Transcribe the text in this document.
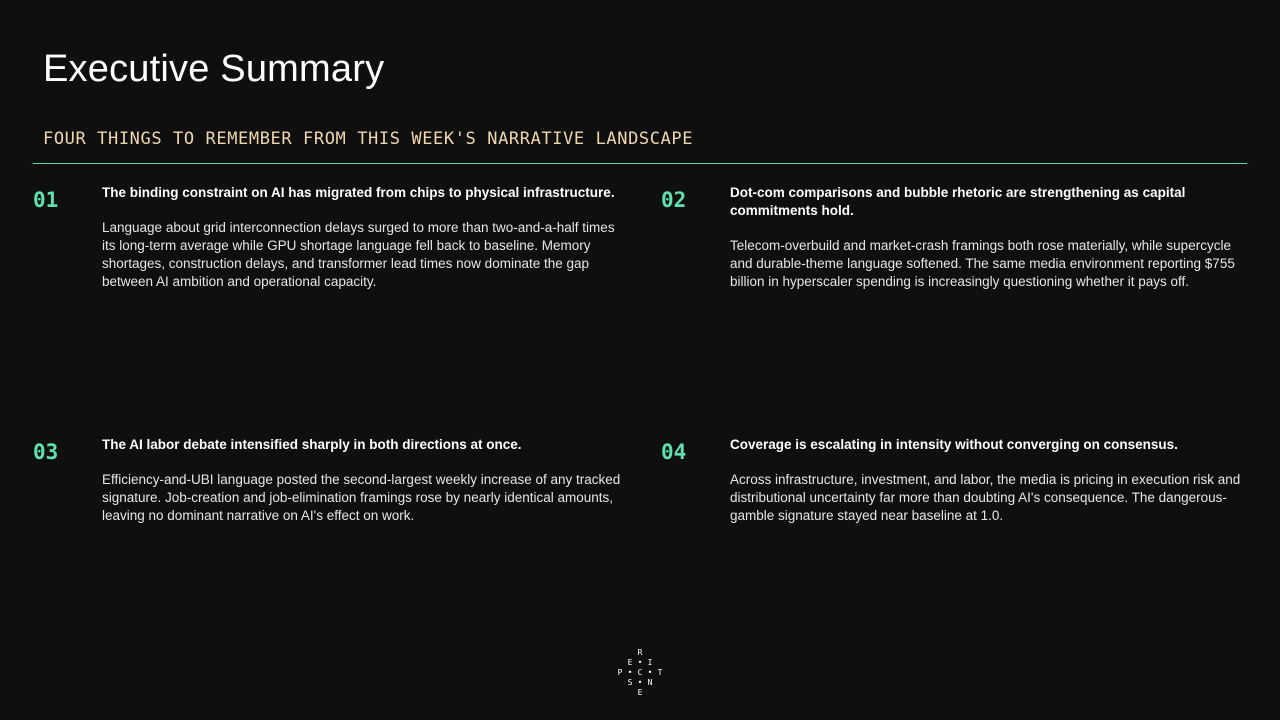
Executive Summary
FOUR THINGS TO REMEMBER FROM THIS WEEK'S NARRATIVE LANDSCAPE
01	The binding constraint on AI has migrated from chips to physical infrastructure.
Language about grid interconnection delays surged to more than two-and-a-half times its long-term average while GPU shortage language fell back to baseline. Memory shortages, construction delays, and transformer lead times now dominate the gap between AI ambition and operational capacity.
02	Dot-com comparisons and bubble rhetoric are strengthening as capital commitments hold.
Telecom-overbuild and market-crash framings both rose materially, while supercycle and durable-theme language softened. The same media environment reporting $755 billion in hyperscaler spending is increasingly questioning whether it pays off.
03	The AI labor debate intensified sharply in both directions at once.
Efficiency-and-UBI language posted the second-largest weekly increase of any tracked signature. Job-creation and job-elimination framings rose by nearly identical amounts, leaving no dominant narrative on AI's effect on work.
04	Coverage is escalating in intensity without converging on consensus.
Across infrastructure, investment, and labor, the media is pricing in execution risk and distributional uncertainty far more than doubting AI's consequence. The dangerous-gamble signature stayed near baseline at 1.0.
R
E • I
P • C • T
S • N
E
